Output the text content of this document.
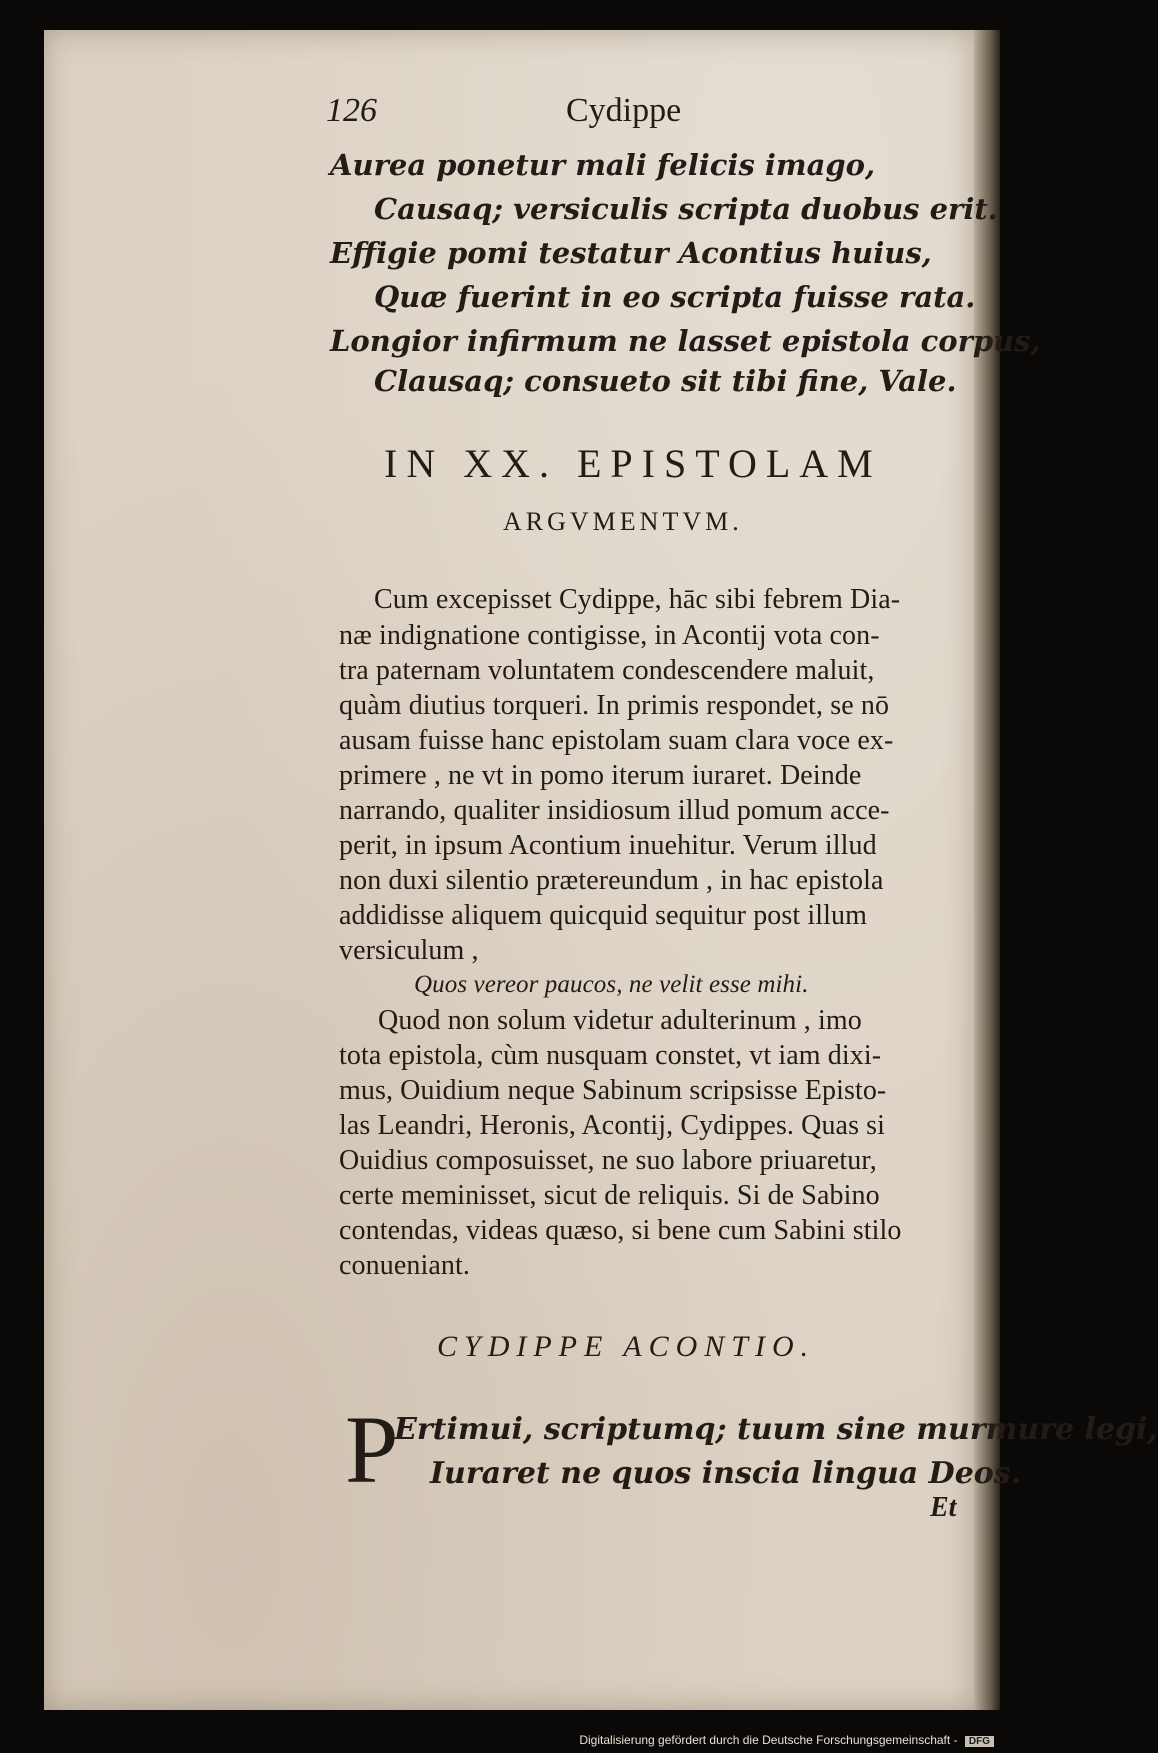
126	Cydippe
Aurea ponetur mali felicis imago,
Causaq; versiculis scripta duobus erit.
Effigie pomi testatur Acontius huius,
Quæ fuerint in eo scripta fuisse rata.
Longior infirmum ne lasset epistola corpus,
Clausaq; consueto sit tibi fine, Vale.
IN XX. EPISTOLAM
ARGVMENTVM.
Cum excepisset Cydippe, hāc sibi febrem Dia-
næ indignatione contigisse, in Acontij vota con-
tra paternam voluntatem condescendere maluit,
quàm diutius torqueri. In primis respondet, se nō
ausam fuisse hanc epistolam suam clara voce ex-
primere , ne vt in pomo iterum iuraret. Deinde
narrando, qualiter insidiosum illud pomum acce-
perit, in ipsum Acontium inuehitur. Verum illud
non duxi silentio prætereundum , in hac epistola
addidisse aliquem quicquid sequitur post illum
versiculum ,
Quos vereor paucos, ne velit esse mihi.
Quod non solum videtur adulterinum , imo
tota epistola, cùm nusquam constet, vt iam dixi-
mus, Ouidium neque Sabinum scripsisse Episto-
las Leandri, Heronis, Acontij, Cydippes. Quas si
Ouidius composuisset, ne suo labore priuaretur,
certe meminisset, sicut de reliquis. Si de Sabino
contendas, videas quæso, si bene cum Sabini stilo
conueniant.
CYDIPPE ACONTIO.
P
Ertimui, scriptumq; tuum sine murmure legi,
Iuraret ne quos inscia lingua Deos.
Et
Digitalisierung gefördert durch die Deutsche Forschungsgemeinschaft - DFG
